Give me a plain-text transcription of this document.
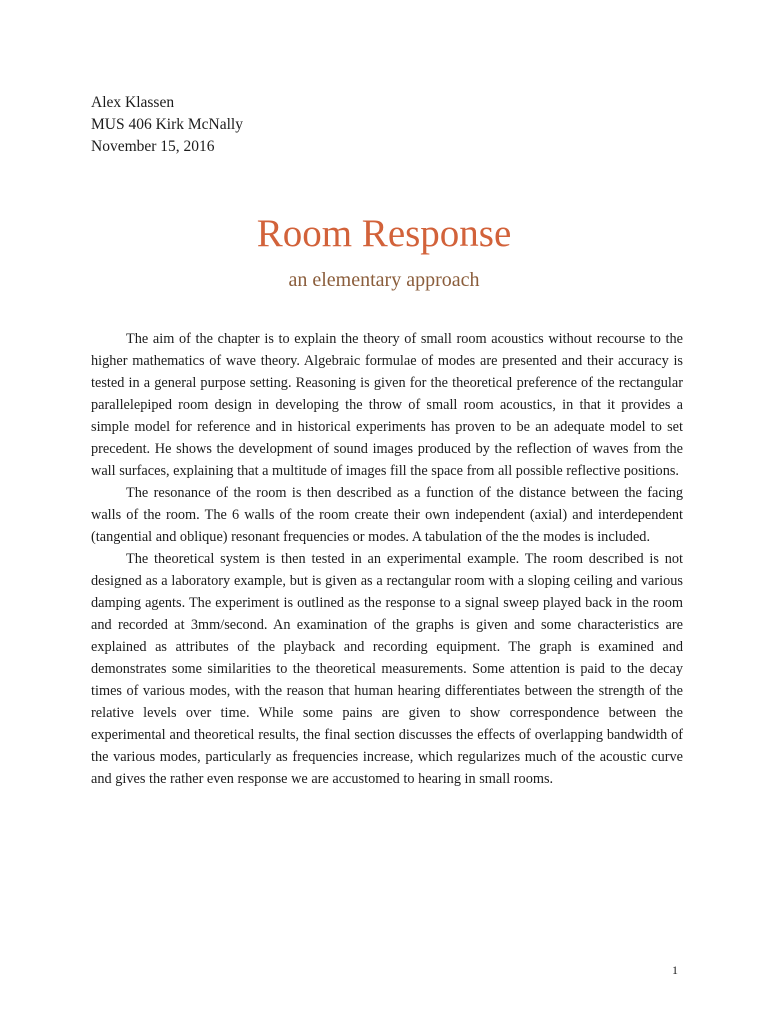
Alex Klassen
MUS 406 Kirk McNally
November 15, 2016
Room Response
an elementary approach

The aim of the chapter is to explain the theory of small room acoustics without recourse to the higher mathematics of wave theory. Algebraic formulae of modes are presented and their accuracy is tested in a general purpose setting. Reasoning is given for the theoretical preference of the rectangular parallelepiped room design in developing the throw of small room acoustics, in that it provides a simple model for reference and in historical experiments has proven to be an adequate model to set precedent. He shows the development of sound images produced by the reflection of waves from the wall surfaces, explaining that a multitude of images fill the space from all possible reflective positions.

The resonance of the room is then described as a function of the distance between the facing walls of the room. The 6 walls of the room create their own independent (axial) and interdependent (tangential and oblique) resonant frequencies or modes. A tabulation of the the modes is included.

The theoretical system is then tested in an experimental example. The room described is not designed as a laboratory example, but is given as a rectangular room with a sloping ceiling and various damping agents. The experiment is outlined as the response to a signal sweep played back in the room and recorded at 3mm/second. An examination of the graphs is given and some characteristics are explained as attributes of the playback and recording equipment. The graph is examined and demonstrates some similarities to the theoretical measurements. Some attention is paid to the decay times of various modes, with the reason that human hearing differentiates between the strength of the relative levels over time. While some pains are given to show correspondence between the experimental and theoretical results, the final section discusses the effects of overlapping bandwidth of the various modes, particularly as frequencies increase, which regularizes much of the acoustic curve and gives the rather even response we are accustomed to hearing in small rooms.

1
